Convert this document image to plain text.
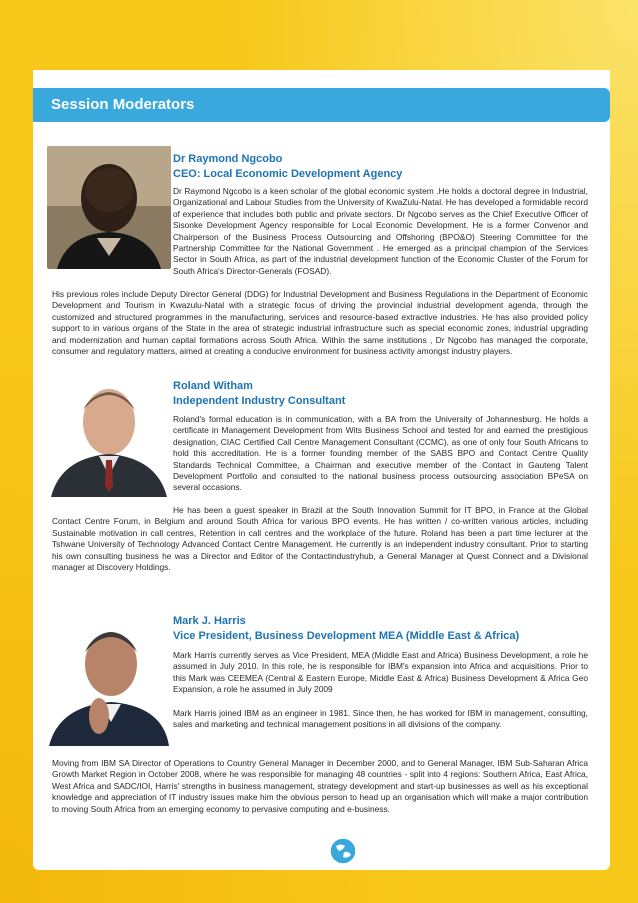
Session Moderators

Dr Raymond Ngcobo

CEO: Local Economic Development Agency

Dr Raymond Ngcobo is a keen scholar of the global economic system .He holds a doctoral degree in Industrial, Organizational and Labour Studies from the University of KwaZulu-Natal. He has developed a formidable record of experience that includes both public and private sectors. Dr Ngcobo serves as the Chief Executive Officer of Sisonke Development Agency responsible for Local Economic Development. He is a former Convenor and Chairperson of the Business Process Outsourcing and Offshoring (BPO&O) Steering Committee for the Partnership Committee for the National Government . He emerged as a principal champion of the Services Sector in South Africa, as part of the industrial development function of the Economic Cluster of the Forum for South Africa's Director-Generals (FOSAD).

His previous roles include Deputy Director General (DDG) for Industrial Development and Business Regulations in the Department of Economic Development and Tourism in Kwazulu-Natal with a strategic focus of driving the provincial industrial development agenda, through the customized and structured programmes in the manufacturing, services and resource-based extractive industries. He has also provided policy support to in various organs of the State in the area of strategic industrial infrastructure such as special economic zones, industrial upgrading and modernization and human capital formations across South Africa. Within the same institutions , Dr Ngcobo has managed the corporate, consumer and regulatory matters, aimed at creating a conducive environment for business activity amongst industry players.

Roland Witham

Independent Industry Consultant

Roland's formal education is in communication, with a BA from the University of Johannesburg. He holds a certificate in Management Development from Wits Business School and tested for and earned the prestigious designation, CIAC Certified Call Centre Management Consultant (CCMC), as one of only four South Africans to hold this accreditation. He is a former founding member of the SABS BPO and Contact Centre Quality Standards Technical Committee, a Chairman and executive member of the Contact in Gauteng Talent Development Portfolio and consulted to the national business process outsourcing association BPeSA on several occasions.

He has been a guest speaker in Brazil at the South Innovation Summit for IT BPO, in France at the Global Contact Centre Forum, in Belgium and around South Africa for various BPO events. He has written / co-written various articles, including Sustainable motivation in call centres, Retention in call centres and the workplace of the future. Roland has been a part time lecturer at the Tshwane University of Technology Advanced Contact Centre Management. He currently is an independent industry consultant. Prior to starting his own consulting business he was a Director and Editor of the Contactindustryhub, a General Manager at Quest Connect and a Divisional manager at Discovery Holdings.

Mark J. Harris

Vice President, Business Development MEA (Middle East & Africa)

Mark Harris currently serves as Vice President, MEA (Middle East and Africa) Business Development, a role he assumed in July 2010. In this role, he is responsible for IBM's expansion into Africa and acquisitions. Prior to this Mark was CEEMEA (Central & Eastern Europe, Middle East & Africa) Business Development & Africa Geo Expansion, a role he assumed in July 2009

Mark Harris joined IBM as an engineer in 1981. Since then, he has worked for IBM in management, consulting, sales and marketing and technical management positions in all divisions of the company.

Moving from IBM SA Director of Operations to Country General Manager in December 2000, and to General Manager, IBM Sub-Saharan Africa Growth Market Region in October 2008, where he was responsible for managing 48 countries - split into 4 regions: Southern Africa, East Africa, West Africa and SADC/IOI, Harris' strengths in business management, strategy development and start-up businesses as well as his exceptional knowledge and appreciation of IT industry issues make him the obvious person to head up an organisation which will make a major contribution to moving South Africa from an emerging economy to pervasive computing and e-business.

16
IMPACT SOURCING
CONFERENCE 2011
